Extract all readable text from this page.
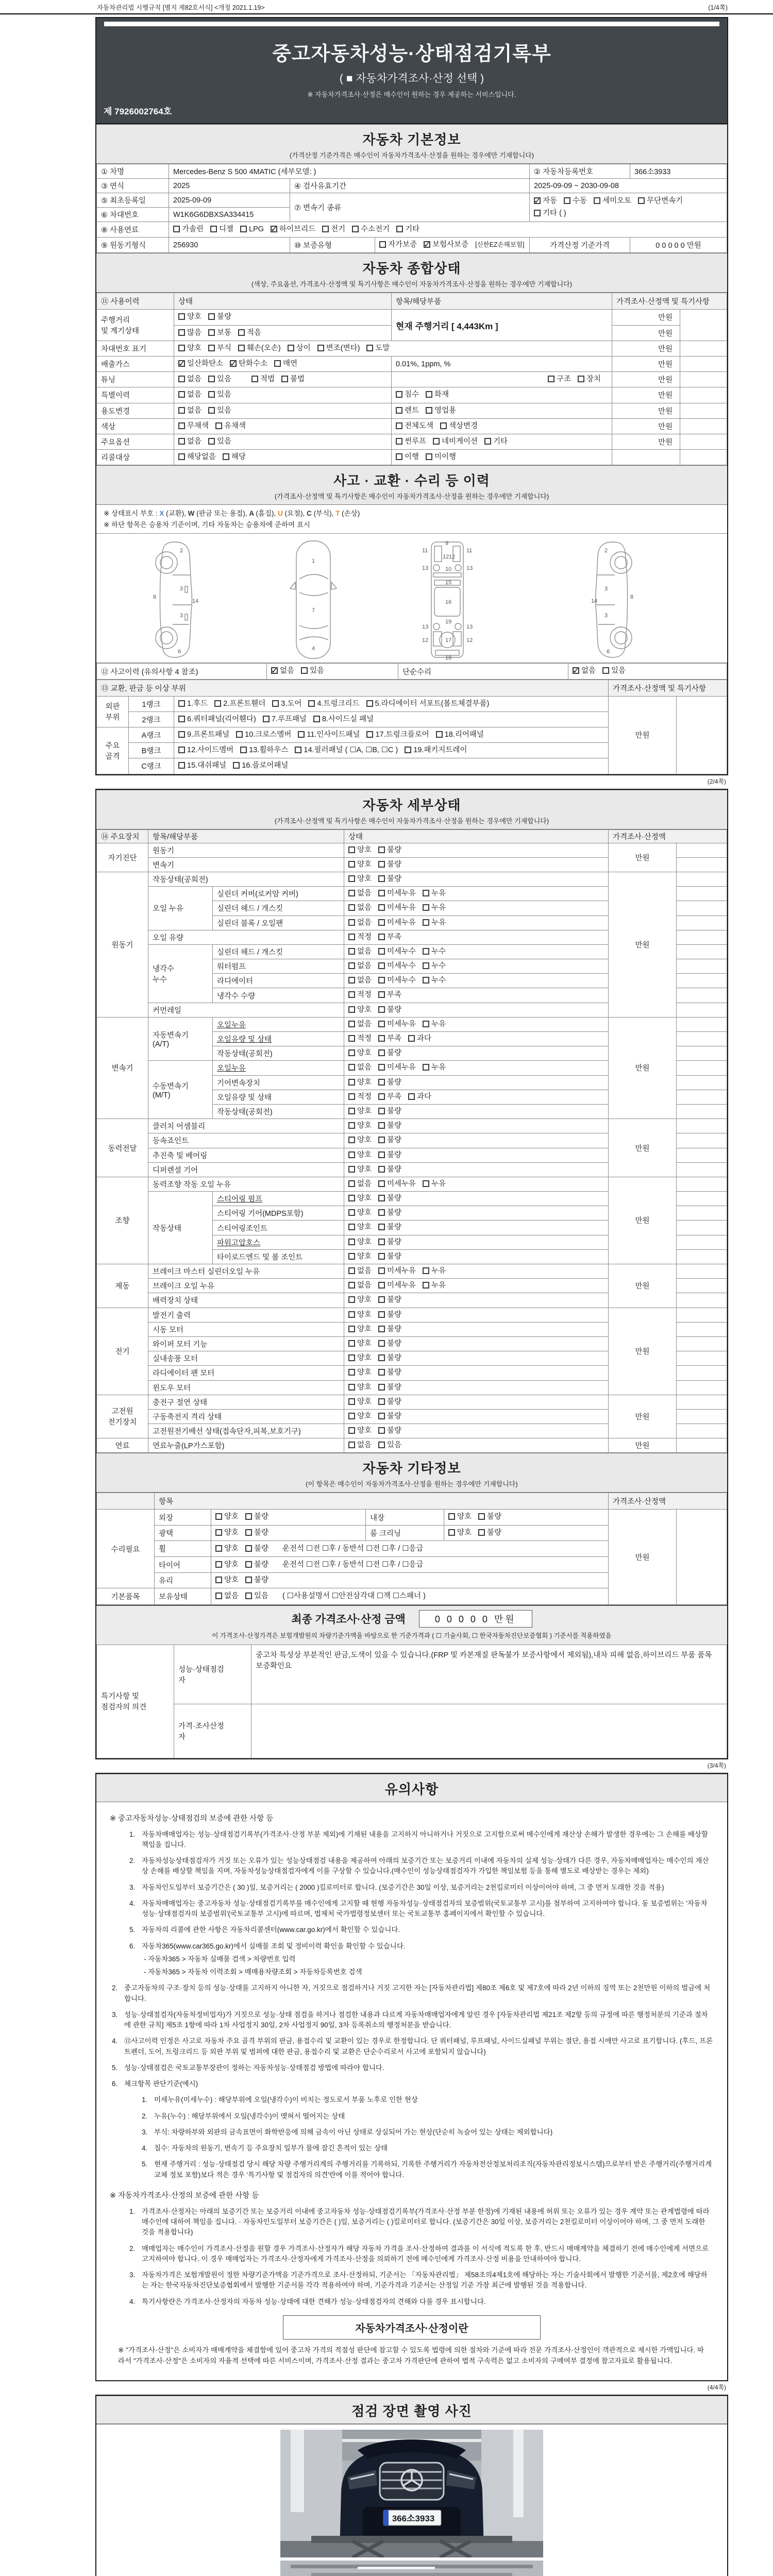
자동차관리법 시행규칙 [별지 제82호서식] <개정 2021.1.19>	(1/4쪽)
중고자동차성능·상태점검기록부
( ■ 자동차가격조사·산정 선택 )
※ 자동차가격조사·산정은 매수인이 원하는 경우 제공하는 서비스입니다.
제 7926002764호
자동차 기본정보
(가격산정 기준가격은 매수인이 자동차가격조사·산정을 원하는 경우에만 기재합니다)
① 차명	Mercedes-Benz S 500 4MATIC (세부모델: )			② 자동차등록번호	366소3933
③ 연식	2025	④ 검사유효기간		2025-09-09 ~ 2030-09-08	
⑤ 최초등록일	2025-09-09	⑦ 변속기 종류	✓자동 수동 세미오토 무단변속기기타 ( )
⑥ 차대번호	W1K6G6DBXSA334415				
⑧ 사용연료	가솔린 디젤 LPG ✓ 하이브리드 전기 수소전기 기타
⑨ 원동기형식	256930	⑩ 보증유형	자가보증 ✓ 보험사보증 [신한EZ손해보험]	가격산정 기준가격	0 0 0 0 0 만원
자동차 종합상태
(색상, 주요옵션, 가격조사·산정액 및 특기사항은 매수인이 자동차가격조사·산정을 원하는 경우에만 기재합니다)
⑪ 사용이력	상태	항목/해당부품	가격조사·산정액 및 특기사항	
주행거리
및 계기상태	양호 불량	현재 주행거리 [ 4,443Km ]	만원	
	많음 보통 적음		만원	
차대번호 표기	양호 부식 훼손(오손) 상이 변조(변타) 도말		만원	
배출가스	✓일산화탄소 ✓ 탄화수소 매연	0.01%, 1ppm, %	만원	
튜닝	없음 있음 적법 불법	구조 장치	만원	
특별이력	없음 있음	침수 화재	만원	
용도변경	없음 있음	렌트 영업용	만원	
색상	무채색 유채색	전체도색 색상변경	만원	
주요옵션	없음 있음	썬루프 네비게이션 기타	만원	
리콜대상	해당없음 해당	이행 미이행		
사고 · 교환 · 수리 등 이력
(가격조사·산정액 및 특기사항은 매수인이 자동차가격조사·산정을 원하는 경우에만 기재합니다)
※ 상태표시 부호 : X (교환), W (판금 또는 용접), A (흠집), U (요철), C (부식), T (손상)
※ 하단 항목은 승용차 기준이며, 기타 자동차는 승용차에 준하여 표시
2
8
3
14
3
6
1
7
4
9
11	11
12 12
10
13	13
15
16
19
13	13
12	12
17
18
2
8
3
14
3
6
⑫ 사고이력 (유의사항 4 참조)	✓없음 있음	단순수리	✓없음 있음
⑬ 교환, 판금 등 이상 부위			가격조사·산정액 및 특기사항	
외판
부위	1랭크	1.후드 2.프론트휀더 3.도어 4.트렁크리드 5.라디에이터 서포트(볼트체결부품)	만원	
	2랭크	6.쿼터패널(리어휀다) 7.루프패널 8.사이드실 패널		
주요
골격	A랭크	9.프론트패널 10.크로스멤버 11.인사이드패널 17.트렁크플로어 18.리어패널		
	B랭크	12.사이드멤버 13.휠하우스 14.필러패널 ( ☐A, ☐B, ☐C ) 19.패키지트레이		
	C랭크	15.대쉬패널 16.플로어패널		
(2/4쪽)
자동차 세부상태
(가격조사·산정액 및 특기사항은 매수인이 자동차가격조사·산정을 원하는 경우에만 기재합니다)
⑭ 주요장치	항목/해당부품		상태	가격조사·산정액	
자기진단	원동기		양호 불량	만원	
	변속기		양호 불량		
원동기	작동상태(공회전)		양호 불량	만원	
	오일 누유	실린더 커버(로커암 커버)	없음 미세누유 누유		
		실린더 헤드 / 개스킷	없음 미세누유 누유		
		실린더 블록 / 오일팬	없음 미세누유 누유		
	오일 유량		적정 부족		
	냉각수
누수	실린더 헤드 / 개스킷	없음 미세누수 누수		
		워터펌프	없음 미세누수 누수		
		라디에이터	없음 미세누수 누수		
		냉각수 수량	적정 부족		
	커먼레일		양호 불량		
변속기	자동변속기
(A/T)	오일누유	없음 미세누유 누유	만원	
		오일유량 및 상태	적정 부족 과다		
		작동상태(공회전)	양호 불량		
	수동변속기
(M/T)	오일누유	없음 미세누유 누유		
		기어변속장치	양호 불량		
		오일유량 및 상태	적정 부족 과다		
		작동상태(공회전)	양호 불량		
동력전달	클러치 어셈블리		양호 불량	만원	
	등속죠인트		양호 불량		
	추진축 및 베어링		양호 불량		
	디퍼렌셜 기어		양호 불량		
조향	동력조향 작동 오일 누유		없음 미세누유 누유	만원	
	작동상태	스티어링 펌프	양호 불량		
		스티어링 기어(MDPS포함)	양호 불량		
		스티어링조인트	양호 불량		
		파워고압호스	양호 불량		
		타이로드엔드 및 볼 조인트	양호 불량		
제동	브레이크 마스터 실린더오일 누유		없음 미세누유 누유	만원	
	브레이크 오일 누유		없음 미세누유 누유		
	배력장치 상태		양호 불량		
전기	발전기 출력		양호 불량	만원	
	시동 모터		양호 불량		
	와이퍼 모터 기능		양호 불량		
	실내송풍 모터		양호 불량		
	라디에이터 팬 모터		양호 불량		
	윈도우 모터		양호 불량		
고전원
전기장치	충전구 절연 상태		양호 불량	만원	
	구동축전지 격리 상태		양호 불량		
	고전원전기배선 상태(접속단자,피복,보호기구)		양호 불량		
연료	연료누출(LP가스포함)		없음 있음	만원	
자동차 기타정보
(이 항목은 매수인이 자동차가격조사·산정을 원하는 경우에만 기재합니다)
	항목				가격조사·산정액	
수리필요	외장	양호 불량	내장	양호 불량	만원	
	광택	양호 불량	룸 크리닝	양호 불량		
	휠	양호 불량 운전석 ☐전 ☐후 / 동반석 ☐전 ☐후 / ☐응급				
	타이어	양호 불량 운전석 ☐전 ☐후 / 동반석 ☐전 ☐후 / ☐응급				
	유리	양호 불량				
기본품목	보유상태	없음 있음 ( ☐사용설명서 ☐안전삼각대 ☐잭 ☐스패너 )				
최종 가격조사·산정 금액	0 0 0 0 0 만원
이 가격조사·산정가격은 보험개발원의 차량기준가액을 바탕으로 한 기준가격과 ( ☐ 기술사회, ☐ 한국자동차진단보증협회 ) 기준서를 적용하였음
특기사항 및
점검자의 의견	성능·상태점검
자	중고차 특성상 부분적인 판금,도색이 있을 수 있습니다.(FRP 및 카본재질 판독불가 보증사항에서 제외됨),내차 피해 없음,하이브리드 부품 품목 보증확인요
	가격·조사산정
자	
(3/4쪽)
유의사항
※ 중고자동차성능·상태점검의 보증에 관한 사항 등
1. 자동차매매업자는 성능·상태점검기록부(가격조사·산정 부분 제외)에 기재된 내용을 고지하지 아니하거나 거짓으로 고지함으로써 매수인에게 재산상 손해가 발생한 경우에는 그 손해를 배상할 책임을 집니다.
2. 자동차성능상태점검자가 거짓 또는 오류가 있는 성능상태점검 내용을 제공하여 아래의 보증기간 또는 보증거리 이내에 자동차의 실제 성능·상태가 다른 경우, 자동차매매업자는 매수인의 재산상 손해를 배상할 책임을 지며, 자동차성능상태점검자에게 이를 구상할 수 있습니다.(매수인이 성능상태점검자가 가입한 책임보험 등을 통해 별도로 배상받는 경우는 제외)
3. 자동차인도일부터 보증기간은 ( 30 )일, 보증거리는 ( 2000 )킬로미터로 합니다. (보증기간은 30일 이상, 보증거리는 2천킬로미터 이상이어야 하며, 그 중 먼저 도래한 것을 적용)
4. 자동차매매업자는 중고자동차 성능·상태점검기록부를 매수인에게 고지할 때 현행 자동차성능·상태점검자의 보증범위(국토교통부 고시)를 첨부하여 고지하여야 합니다. 동 보증범위는 '자동차성능·상태점검자의 보증범위'(국토교통부 고시)에 따르며, 법제처 국가법령정보센터 또는 국토교통부 홈페이지에서 확인할 수 있습니다.
5. 자동차의 리콜에 관한 사항은 자동차리콜센터(www.car.go.kr)에서 확인할 수 있습니다.
6. 자동차365(www.car365.go.kr)에서 실매물 조회 및 정비이력 확인을 확인할 수 있습니다.
- 자동차365 > 자동차 실매물 검색 > 차량번호 입력
- 자동차365 > 자동차 이력조회 > 매매용차량조회 > 자동차등록번호 검색
2. 중고자동차의 구조·장치 등의 성능·상태를 고지하지 아니한 자, 거짓으로 점검하거나 거짓 고지한 자는 [자동차관리법] 제80조 제6호 및 제7호에 따라 2년 이하의 징역 또는 2천만원 이하의 벌금에 처합니다.
3. 성능·상태점검자(자동차정비업자)가 거짓으로 성능·상태 점검을 하거나 점검한 내용과 다르게 자동차매매업자에게 알린 경우 [자동차관리법 제21조 제2항 등의 규정에 따른 행정처분의 기준과 절차에 관한 규칙] 제5조 1항에 따라 1차 사업정지 30일, 2차 사업정지 90일, 3차 등록취소의 행정처분을 받습니다.
4. ⑫사고이력 인정은 사고로 자동차 주요 골격 부위의 판금, 용접수리 및 교환이 있는 경우로 한정합니다. 단 쿼터패널, 루프패널, 사이드실패널 부위는 절단, 용접 시에만 사고로 표기합니다. (후드, 프론트펜더, 도어, 트렁크리드 등 외판 부위 및 범퍼에 대한 판금, 용접수리 및 교환은 단순수리로서 사고에 포함되지 않습니다)
5. 성능·상태점검은 국토교통부장관이 정하는 자동차성능·상태점검 방법에 따라야 합니다.
6. 체크항목 판단기준(예시)
1. 미세누유(미세누수) : 해당부위에 오일(냉각수)이 비치는 정도로서 부품 노후로 인한 현상
2. 누유(누수) : 해당부위에서 오일(냉각수)이 맺혀서 떨어지는 상태
3. 부식: 차량하부와 외판의 금속표면이 화학반응에 의해 금속이 아닌 상태로 상실되어 가는 현상(단순히 녹슬어 있는 상태는 제외합니다)
4. 침수: 자동차의 원동기, 변속기 등 주요장치 일부가 물에 잠긴 흔적이 있는 상태
5. 현재 주행거리 : 성능·상태점검 당시 해당 차량 주행거리계의 주행거리를 기록하되, 기록한 주행거리가 자동차전산정보처리조직(자동차관리정보시스템)으로부터 받은 주행거리(주행거리계 교체 정보 포함)보다 적은 경우 '특기사항 및 점검자의 의견'란에 이를 적어야 합니다.
※ 자동차가격조사·산정의 보증에 관한 사항 등
1. 가격조사·산정자는 아래의 보증기간 또는 보증거리 이내에 중고자동차 성능·상태점검기록부(가격조사·산정 부분 한정)에 기재된 내용에 허위 또는 오류가 있는 경우 계약 또는 관계법령에 따라 매수인에 대하여 책임을 집니다. · 자동차인도일부터 보증기간은 ( )일, 보증거리는 ( )킬로미터로 합니다. (보증기간은 30일 이상, 보증거리는 2천킬로미터 이상이어야 하며, 그 중 먼저 도래한 것을 적용합니다)
2. 매매업자는 매수인이 가격조사·산정을 원할 경우 가격조사·산정자가 해당 자동차 가격을 조사·산정하여 결과를 이 서식에 적도록 한 후, 반드시 매매계약을 체결하기 전에 매수인에게 서면으로 고지하여야 합니다. 이 경우 매매업자는 가격조사·산정자에게 가격조사·산정을 의뢰하기 전에 매수인에게 가격조사·산정 비용을 안내하여야 합니다.
3. 자동차가격은 보험개발원이 정한 차량기준가액을 기준가격으로 조사·산정하되, 기준서는 「자동차관리법」 제58조의4제1호에 해당하는 자는 기술사회에서 발행한 기준서를, 제2호에 해당하는 자는 한국자동차진단보증협회에서 발행한 기준서를 각각 적용하여야 하며, 기준가격과 기준서는 산정일 기준 가장 최근에 발행된 것을 적용합니다.
4. 특기사항란은 가격조사·산정자의 자동차 성능·상태에 대한 견해가 성능·상태점검자의 견해와 다를 경우 표시합니다.
자동차가격조사·산정이란
※ "가격조사·산정"은 소비자가 매매계약을 체결함에 있어 중고차 가격의 적절성 판단에 참고할 수 있도록 법령에 의한 절차와 기준에 따라 전문 가격조사·산정인이 객관적으로 제시한 가액입니다. 따라서 "가격조사·산정"은 소비자의 자율적 선택에 따른 서비스이며, 가격조사·산정 결과는 중고차 가격판단에 관하여 법적 구속력은 없고 소비자의 구매여부 결정에 참고자료로 활용됩니다.
(4/4쪽)
점검 장면 촬영 사진
366소3933
